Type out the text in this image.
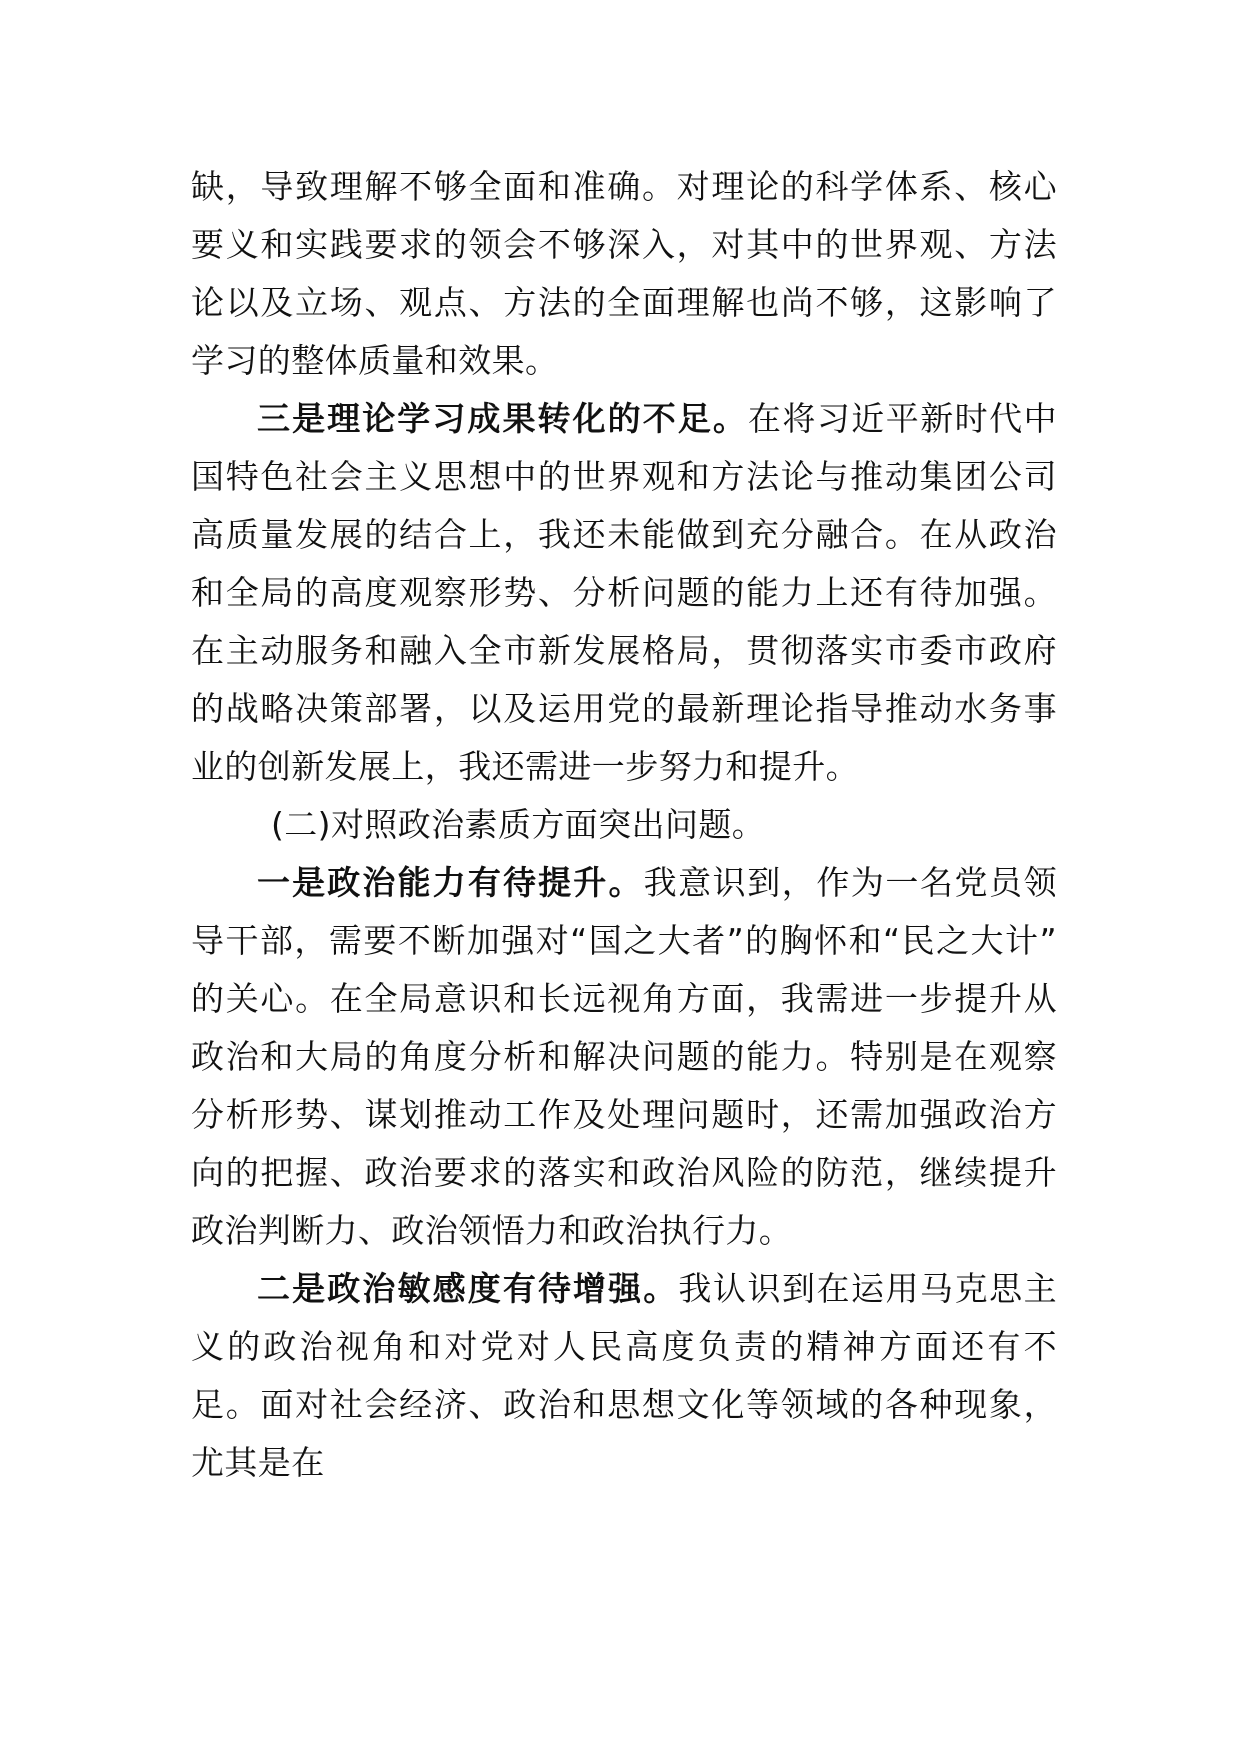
缺，导致理解不够全面和准确。对理论的科学体系、核心要义和实践要求的领会不够深入，对其中的世界观、方法论以及立场、观点、方法的全面理解也尚不够，这影响了学习的整体质量和效果。

三是理论学习成果转化的不足。在将习近平新时代中国特色社会主义思想中的世界观和方法论与推动集团公司高质量发展的结合上，我还未能做到充分融合。在从政治和全局的高度观察形势、分析问题的能力上还有待加强。在主动服务和融入全市新发展格局，贯彻落实市委市政府的战略决策部署，以及运用党的最新理论指导推动水务事业的创新发展上，我还需进一步努力和提升。

(二)对照政治素质方面突出问题。

一是政治能力有待提升。我意识到，作为一名党员领导干部，需要不断加强对“国之大者”的胸怀和“民之大计” 的关心。在全局意识和长远视角方面，我需进一步提升从政治和大局的角度分析和解决问题的能力。特别是在观察分析形势、谋划推动工作及处理问题时，还需加强政治方向的把握、政治要求的落实和政治风险的防范，继续提升政治判断力、政治领悟力和政治执行力。

二是政治敏感度有待增强。我认识到在运用马克思主义的政治视角和对党对人民高度负责的精神方面还有不足。面对社会经济、政治和思想文化等领域的各种现象，尤其是在
